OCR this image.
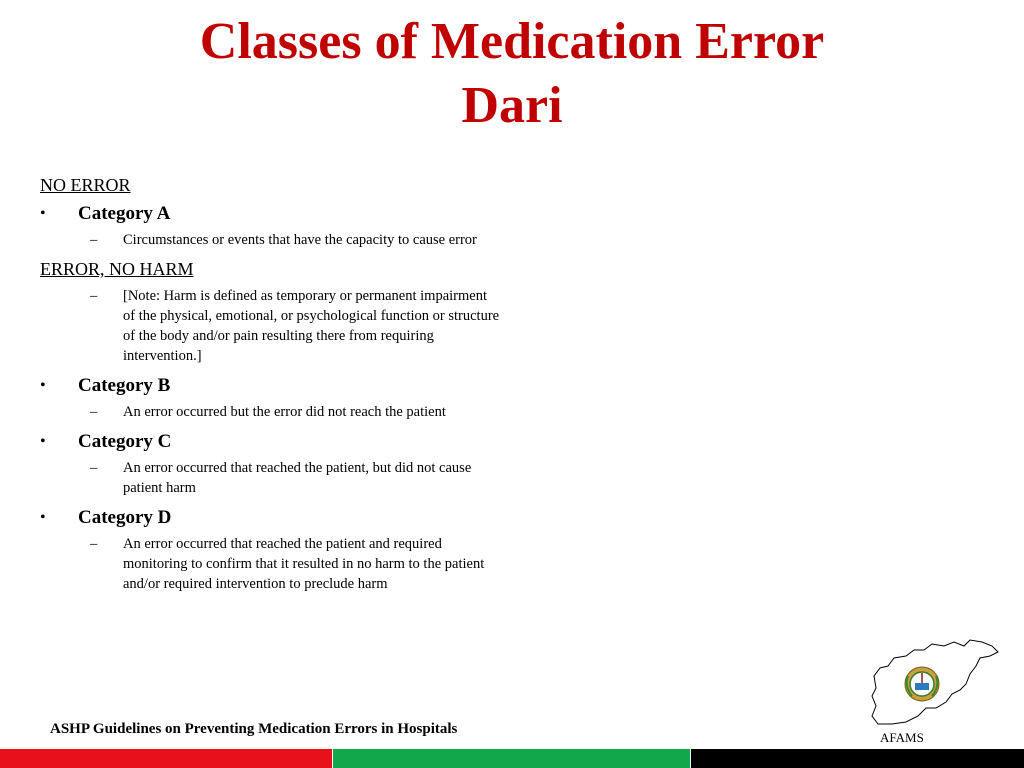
Classes of Medication Error
Dari
NO ERROR
• Category A
– Circumstances or events that have the capacity to cause error
ERROR, NO HARM
– [Note: Harm is defined as temporary or permanent impairment of the physical, emotional, or psychological function or structure of the body and/or pain resulting there from requiring intervention.]
• Category B
– An error occurred but the error did not reach the patient
• Category C
– An error occurred that reached the patient, but did not cause patient harm
• Category D
– An error occurred that reached the patient and required monitoring to confirm that it resulted in no harm to the patient and/or required intervention to preclude harm
AFAMS
ASHP Guidelines on Preventing Medication Errors in Hospitals
